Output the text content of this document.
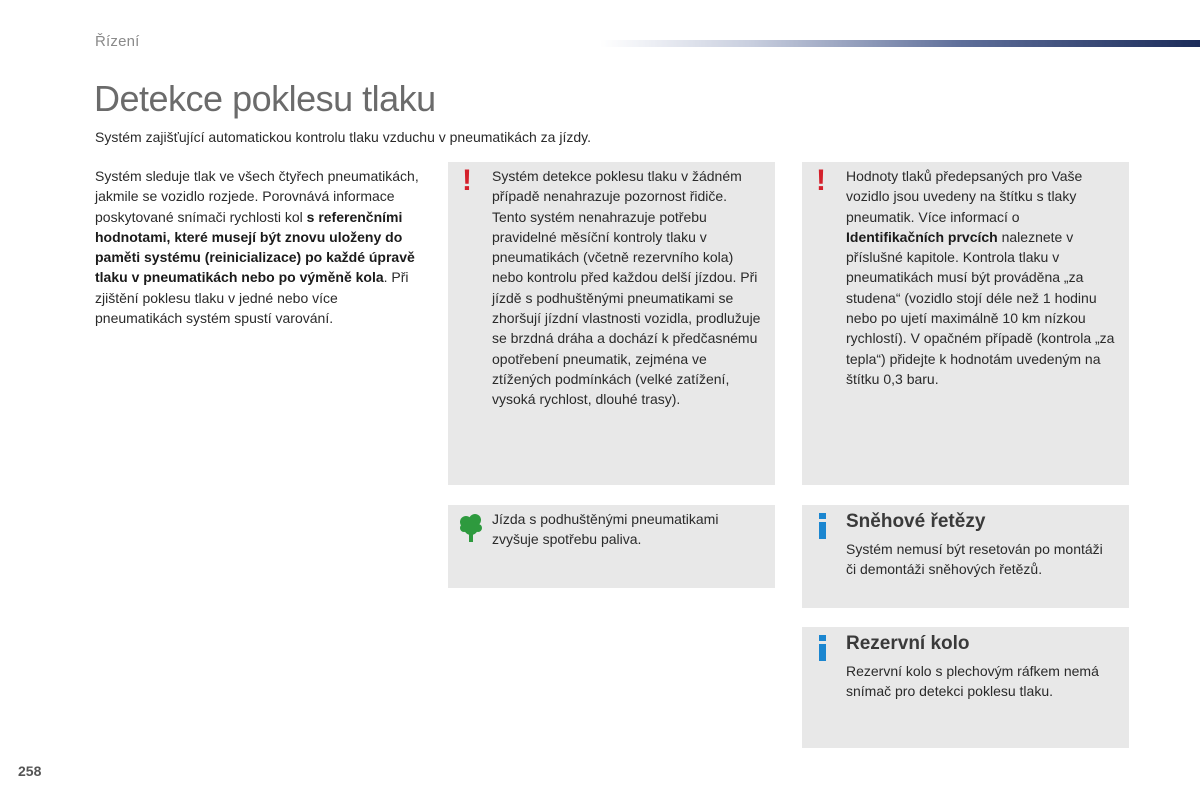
Řízení
Detekce poklesu tlaku
Systém zajišťující automatickou kontrolu tlaku vzduchu v pneumatikách za jízdy.
Systém sleduje tlak ve všech čtyřech pneumatikách, jakmile se vozidlo rozjede. Porovnává informace poskytované snímači rychlosti kol s referenčními hodnotami, které musejí být znovu uloženy do paměti systému (reinicializace) po každé úpravě tlaku v pneumatikách nebo po výměně kola. Při zjištění poklesu tlaku v jedné nebo více pneumatikách systém spustí varování.
! Systém detekce poklesu tlaku v žádném případě nenahrazuje pozornost řidiče. Tento systém nenahrazuje potřebu pravidelné měsíční kontroly tlaku v pneumatikách (včetně rezervního kola) nebo kontrolu před každou delší jízdou. Při jízdě s podhuštěnými pneumatikami se zhoršují jízdní vlastnosti vozidla, prodlužuje se brzdná dráha a dochází k předčasnému opotřebení pneumatik, zejména ve ztížených podmínkách (velké zatížení, vysoká rychlost, dlouhé trasy).
! Hodnoty tlaků předepsaných pro Vaše vozidlo jsou uvedeny na štítku s tlaky pneumatik. Více informací o Identifikačních prvcích naleznete v příslušné kapitole. Kontrola tlaku v pneumatikách musí být prováděna „za studena“ (vozidlo stojí déle než 1 hodinu nebo po ujetí maximálně 10 km nízkou rychlostí). V opačném případě (kontrola „za tepla“) přidejte k hodnotám uvedeným na štítku 0,3 baru.
Jízda s podhuštěnými pneumatikami zvyšuje spotřebu paliva.
Sněhové řetězy
Systém nemusí být resetován po montáži či demontáži sněhových řetězů.
Rezervní kolo
Rezervní kolo s plechovým ráfkem nemá snímač pro detekci poklesu tlaku.
258
